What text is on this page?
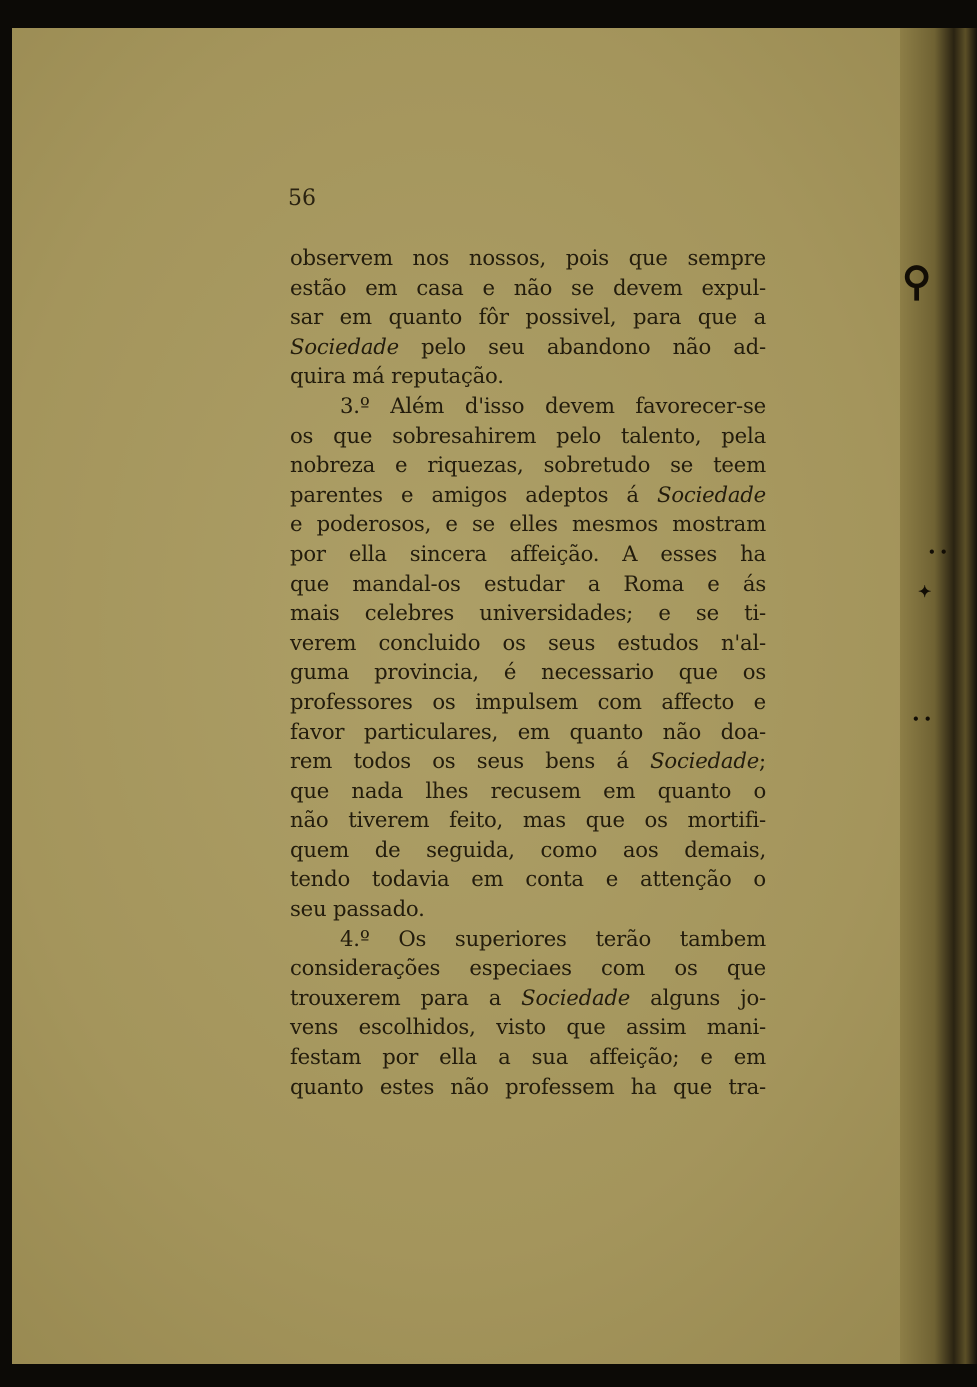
⚲
• •
✦
• •
56
observem nos nossos, pois que sempre
estão em casa e não se devem expul-
sar em quanto fôr possivel, para que a
Sociedade pelo seu abandono não ad-
quira má reputação.
3.º Além d'isso devem favorecer-se
os que sobresahirem pelo talento, pela
nobreza e riquezas, sobretudo se teem
parentes e amigos adeptos á Sociedade
e poderosos, e se elles mesmos mostram
por ella sincera affeição. A esses ha
que mandal-os estudar a Roma e ás
mais celebres universidades; e se ti-
verem concluido os seus estudos n'al-
guma provincia, é necessario que os
professores os impulsem com affecto e
favor particulares, em quanto não doa-
rem todos os seus bens á Sociedade;
que nada lhes recusem em quanto o
não tiverem feito, mas que os mortifi-
quem de seguida, como aos demais,
tendo todavia em conta e attenção o
seu passado.
4.º Os superiores terão tambem
considerações especiaes com os que
trouxerem para a Sociedade alguns jo-
vens escolhidos, visto que assim mani-
festam por ella a sua affeição; e em
quanto estes não professem ha que tra-
